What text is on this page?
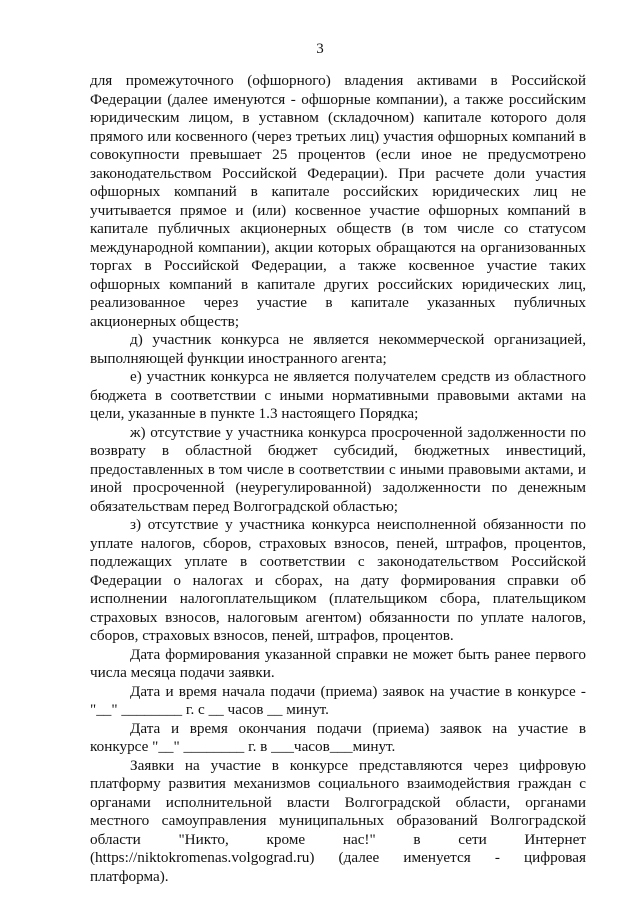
3

для промежуточного (офшорного) владения активами в Российской Федерации (далее именуются - офшорные компании), а также российским юридическим лицом, в уставном (складочном) капитале которого доля прямого или косвенного (через третьих лиц) участия офшорных компаний в совокупности превышает 25 процентов (если иное не предусмотрено законодательством Российской Федерации). При расчете доли участия офшорных компаний в капитале российских юридических лиц не учитывается прямое и (или) косвенное участие офшорных компаний в капитале публичных акционерных обществ (в том числе со статусом международной компании), акции которых обращаются на организованных торгах в Российской Федерации, а также косвенное участие таких офшорных компаний в капитале других российских юридических лиц, реализованное через участие в капитале указанных публичных акционерных обществ;

д) участник конкурса не является некоммерческой организацией, выполняющей функции иностранного агента;

е) участник конкурса не является получателем средств из областного бюджета в соответствии с иными нормативными правовыми актами на цели, указанные в пункте 1.3 настоящего Порядка;

ж) отсутствие у участника конкурса просроченной задолженности по возврату в областной бюджет субсидий, бюджетных инвестиций, предоставленных в том числе в соответствии с иными правовыми актами, и иной просроченной (неурегулированной) задолженности по денежным обязательствам перед Волгоградской областью;

з) отсутствие у участника конкурса неисполненной обязанности по уплате налогов, сборов, страховых взносов, пеней, штрафов, процентов, подлежащих уплате в соответствии с законодательством Российской Федерации о налогах и сборах, на дату формирования справки об исполнении налогоплательщиком (плательщиком сбора, плательщиком страховых взносов, налоговым агентом) обязанности по уплате налогов, сборов, страховых взносов, пеней, штрафов, процентов.

Дата формирования указанной справки не может быть ранее первого числа месяца подачи заявки.

Дата и время начала подачи (приема) заявок на участие в конкурсе - "__" ________ г. с __ часов __ минут.

Дата и время окончания подачи (приема) заявок на участие в конкурсе "__" ________ г. в ___часов___минут.

Заявки на участие в конкурсе представляются через цифровую платформу развития механизмов социального взаимодействия граждан с органами исполнительной власти Волгоградской области, органами местного самоуправления муниципальных образований Волгоградской области "Никто, кроме нас!" в сети Интернет (https://niktokromenas.volgograd.ru) (далее именуется - цифровая платформа).
